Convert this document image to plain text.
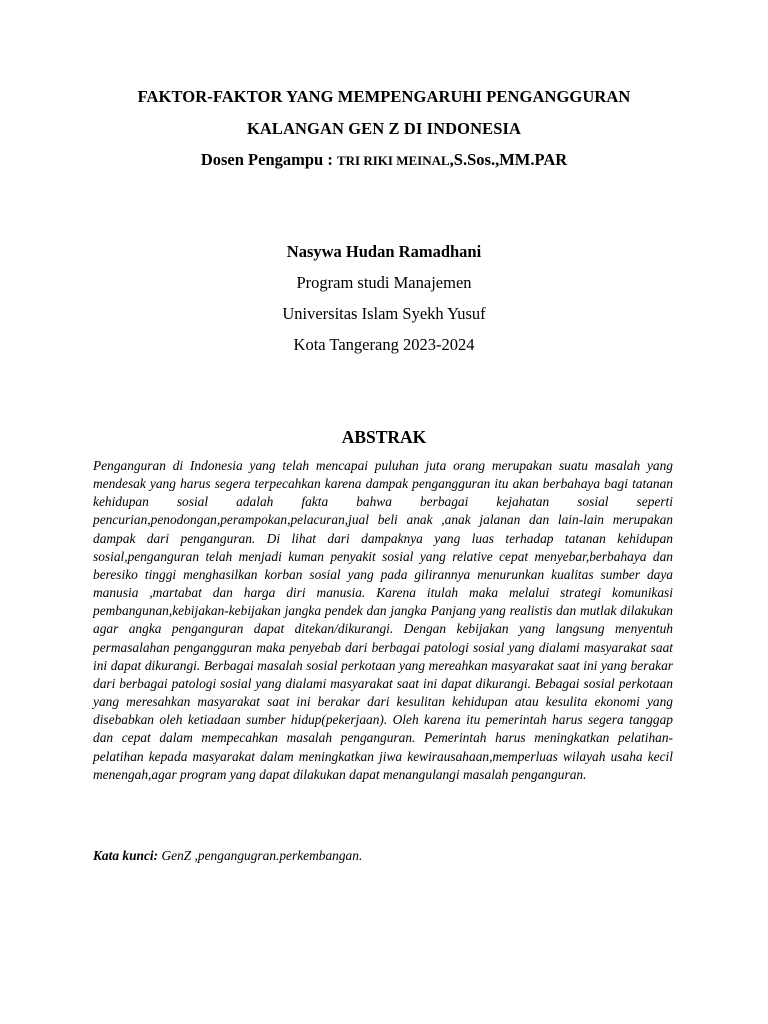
FAKTOR-FAKTOR YANG MEMPENGARUHI PENGANGGURAN
KALANGAN GEN Z DI INDONESIA
Dosen Pengampu : TRI RIKI MEINAL,S.Sos.,MM.PAR
Nasywa Hudan Ramadhani
Program studi Manajemen
Universitas Islam Syekh Yusuf
Kota Tangerang 2023-2024
ABSTRAK
Penganguran di Indonesia yang telah mencapai puluhan juta orang merupakan suatu masalah yang mendesak yang harus segera terpecahkan karena dampak pengangguran itu akan berbahaya bagi tatanan kehidupan sosial adalah fakta bahwa berbagai kejahatan sosial seperti pencurian,penodongan,perampokan,pelacuran,jual beli anak ,anak jalanan dan lain-lain merupakan dampak dari penganguran. Di lihat dari dampaknya yang luas terhadap tatanan kehidupan sosial,penganguran telah menjadi kuman penyakit sosial yang relative cepat menyebar,berbahaya dan beresiko tinggi menghasilkan korban sosial yang pada gilirannya menurunkan kualitas sumber daya manusia ,martabat dan harga diri manusia. Karena itulah maka melalui strategi komunikasi pembangunan,kebijakan-kebijakan jangka pendek dan jangka Panjang yang realistis dan mutlak dilakukan agar angka penganguran dapat ditekan/dikurangi. Dengan kebijakan yang langsung menyentuh permasalahan pengangguran maka penyebab dari berbagai patologi sosial yang dialami masyarakat saat ini dapat dikurangi. Berbagai masalah sosial perkotaan yang mereahkan masyarakat saat ini yang berakar dari berbagai patologi sosial yang dialami masyarakat saat ini dapat dikurangi. Bebagai sosial perkotaan yang meresahkan masyarakat saat ini berakar dari kesulitan kehidupan atau kesulita ekonomi yang disebabkan oleh ketiadaan sumber hidup(pekerjaan). Oleh karena itu pemerintah harus segera tanggap dan cepat dalam mempecahkan masalah penganguran. Pemerintah harus meningkatkan pelatihan-pelatihan kepada masyarakat dalam meningkatkan jiwa kewirausahaan,memperluas wilayah usaha kecil menengah,agar program yang dapat dilakukan dapat menangulangi masalah penganguran.
Kata kunci: GenZ ,pengangugran.perkembangan.
